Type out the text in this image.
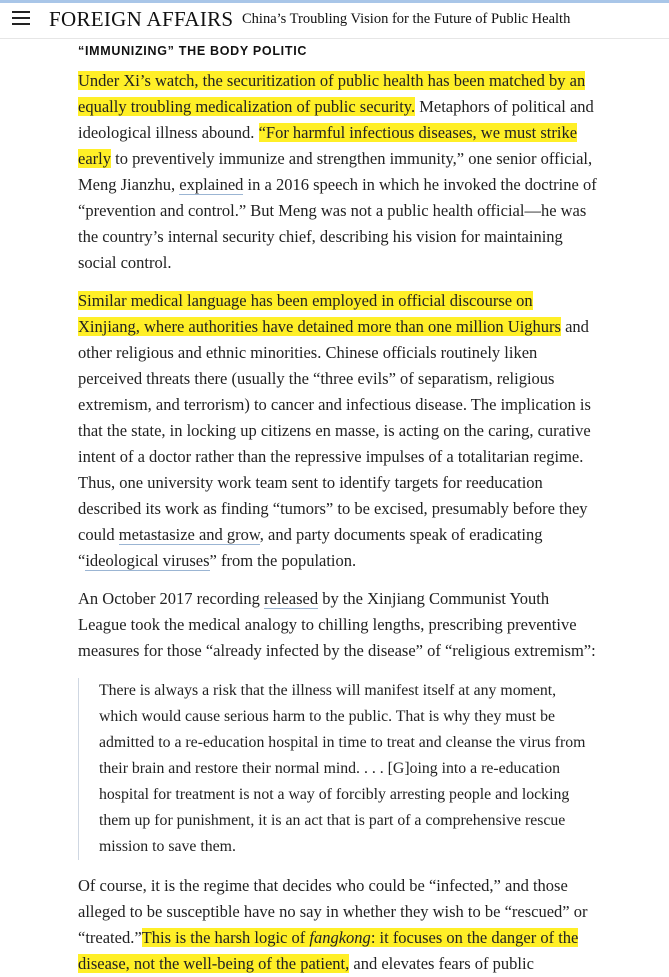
FOREIGN AFFAIRS China’s Troubling Vision for the Future of Public Health
“IMMUNIZING” THE BODY POLITIC

Under Xi’s watch, the securitization of public health has been matched by an equally troubling medicalization of public security. Metaphors of political and ideological illness abound. “For harmful infectious diseases, we must strike early to preventively immunize and strengthen immunity,” one senior official, Meng Jianzhu, explained in a 2016 speech in which he invoked the doctrine of “prevention and control.” But Meng was not a public health official—he was the country’s internal security chief, describing his vision for maintaining social control.

Similar medical language has been employed in official discourse on Xinjiang, where authorities have detained more than one million Uighurs and other religious and ethnic minorities. Chinese officials routinely liken perceived threats there (usually the “three evils” of separatism, religious extremism, and terrorism) to cancer and infectious disease. The implication is that the state, in locking up citizens en masse, is acting on the caring, curative intent of a doctor rather than the repressive impulses of a totalitarian regime. Thus, one university work team sent to identify targets for reeducation described its work as finding “tumors” to be excised, presumably before they could metastasize and grow, and party documents speak of eradicating “ideological viruses” from the population.

An October 2017 recording released by the Xinjiang Communist Youth League took the medical analogy to chilling lengths, prescribing preventive measures for those “already infected by the disease” of “religious extremism”:

There is always a risk that the illness will manifest itself at any moment, which would cause serious harm to the public. That is why they must be admitted to a re-education hospital in time to treat and cleanse the virus from their brain and restore their normal mind. . . . [G]oing into a re-education hospital for treatment is not a way of forcibly arresting people and locking them up for punishment, it is an act that is part of a comprehensive rescue mission to save them.

Of course, it is the regime that decides who could be “infected,” and those alleged to be susceptible have no say in whether they wish to be “rescued” or “treated.”This is the harsh logic of fangkong: it focuses on the danger of the disease, not the well-being of the patient, and elevates fears of public
